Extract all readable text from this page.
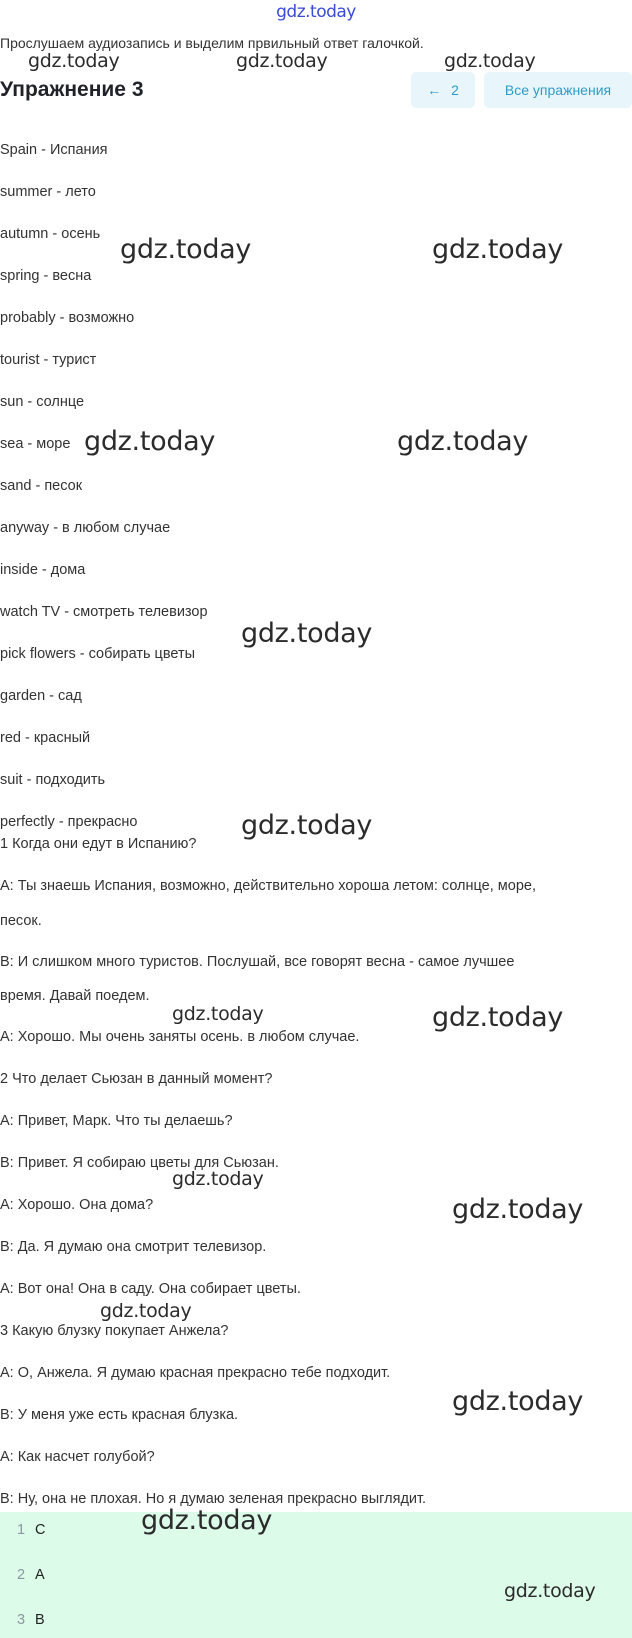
gdz.today
Прослушаем аудиозапись и выделим првильный ответ галочкой.
Упражнение 3	← 2	Все упражнения
Spain - Испания
summer - лето
autumn - осень
spring - весна
probably - возможно
tourist - турист
sun - солнце
sea - море
sand - песок
anyway - в любом случае
inside - дома
watch TV - смотреть телевизор
pick flowers - собирать цветы
garden - сад
red - красный
suit - подходить
perfectly - прекрасно
1 Когда они едут в Испанию?
A: Ты знаешь Испания, возможно, действительно хороша летом: солнце, море,
песок.
B: И слишком много туристов. Послушай, все говорят весна - самое лучшее
время. Давай поедем.
A: Хорошо. Мы очень заняты осень. в любом случае.
2 Что делает Сьюзан в данный момент?
A: Привет, Марк. Что ты делаешь?
B: Привет. Я собираю цветы для Сьюзан.
A: Хорошо. Она дома?
B: Да. Я думаю она смотрит телевизор.
A: Вот она! Она в саду. Она собирает цветы.
3 Какую блузку покупает Анжела?
A: О, Анжела. Я думаю красная прекрасно тебе подходит.
B: У меня уже есть красная блузка.
A: Как насчет голубой?
B: Ну, она не плохая. Но я думаю зеленая прекрасно выглядит.
1 C
2 A
3 B
gdz.today	gdz.today	gdz.today
gdz.today	gdz.today
gdz.today	gdz.today
gdz.today
gdz.today
gdz.today	gdz.today
gdz.today
gdz.today
gdz.today
gdz.today
gdz.today
gdz.today
